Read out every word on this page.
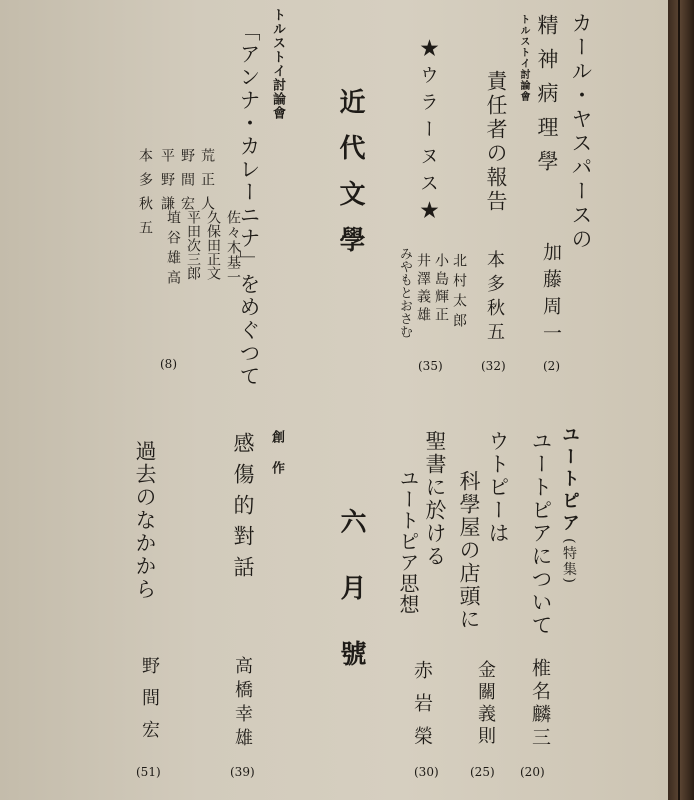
カール・ヤスパースの
精神病理學
加藤周一
(2)
トルストイ討論會
責任者の報告
本多秋五
(32)
★ウラーヌス★
北村太郎
小島輝正
井澤義雄
みやもとおさむ
(35)
近代文學
トルストイ討論會
「アンナ・カレーニナ」をめぐつて
佐々木基一
久保田正文
平田次三郎
埴谷雄高
荒正人
野間宏
平野謙
本多秋五
(8)
ユートピア
(特集)
ユートピアについて
椎名麟三
(20)
ウトピーは
科學屋の店頭に
金關義則
(25)
聖書に於ける
ユートピア思想
赤岩榮
(30)
六月號
創作
感傷的對話
高橋幸雄
(39)
過去のなかから
野間宏
(51)
